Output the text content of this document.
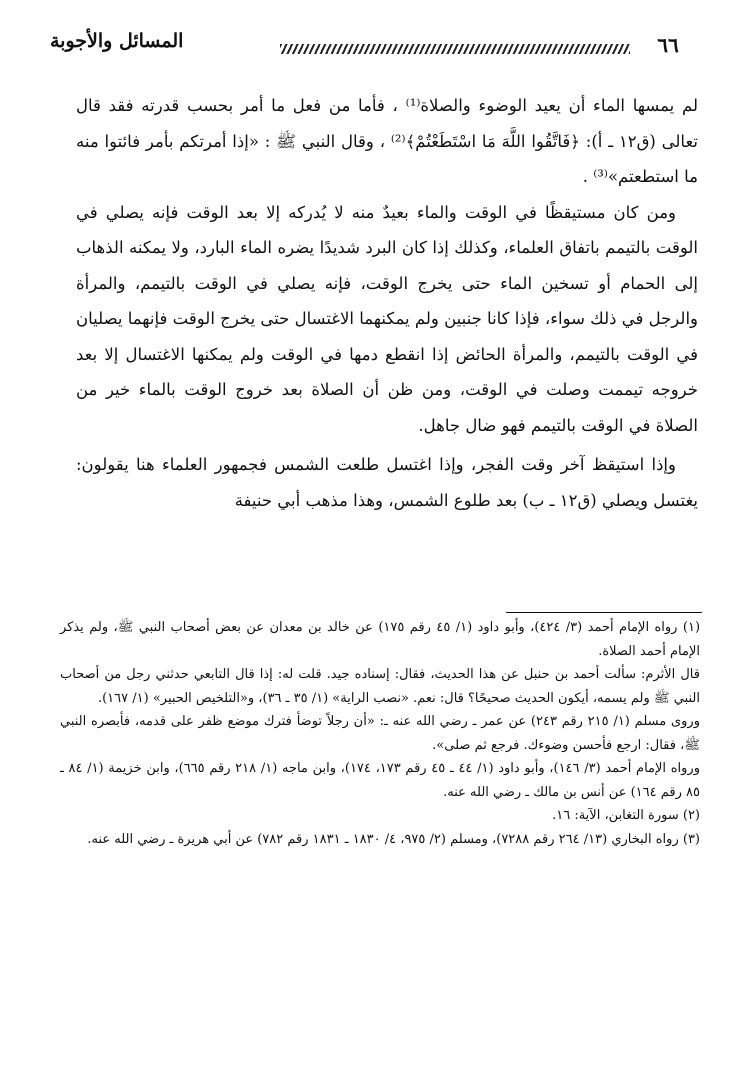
المسائل والأجوبة	٦٦

لم يمسها الماء أن يعيد الوضوء والصلاة⁽¹⁾ ، فأما من فعل ما أمر بحسب قدرته فقد قال تعالى (ق١٢ ـ أ): ﴿فَاتَّقُوا اللَّهَ مَا اسْتَطَعْتُمْ﴾⁽²⁾ ، وقال النبي ﷺ : «إذا أمرتكم بأمر فائتوا منه ما استطعتم»⁽³⁾ .

ومن كان مستيقظًا في الوقت والماء بعيدٌ منه لا يُدركه إلا بعد الوقت فإنه يصلي في الوقت بالتيمم باتفاق العلماء، وكذلك إذا كان البرد شديدًا يضره الماء البارد، ولا يمكنه الذهاب إلى الحمام أو تسخين الماء حتى يخرج الوقت، فإنه يصلي في الوقت بالتيمم، والمرأة والرجل في ذلك سواء، فإذا كانا جنبين ولم يمكنهما الاغتسال حتى يخرج الوقت فإنهما يصليان في الوقت بالتيمم، والمرأة الحائض إذا انقطع دمها في الوقت ولم يمكنها الاغتسال إلا بعد خروجه تيممت وصلت في الوقت، ومن ظن أن الصلاة بعد خروج الوقت بالماء خير من الصلاة في الوقت بالتيمم فهو ضال جاهل.

وإذا استيقظ آخر وقت الفجر، وإذا اغتسل طلعت الشمس فجمهور العلماء هنا يقولون: يغتسل ويصلي (ق١٢ ـ ب) بعد طلوع الشمس، وهذا مذهب أبي حنيفة

(١) رواه الإمام أحمد (٣/ ٤٢٤)، وأبو داود (١/ ٤٥ رقم ١٧٥) عن خالد بن معدان عن بعض أصحاب النبي ﷺ، ولم يذكر الإمام أحمد الصلاة.

قال الأثرم: سألت أحمد بن حنبل عن هذا الحديث، فقال: إسناده جيد. قلت له: إذا قال التابعي حدثني رجل من أصحاب النبي ﷺ ولم يسمه، أيكون الحديث صحيحًا؟ قال: نعم. «نصب الراية» (١/ ٣٥ ـ ٣٦)، و«التلخيص الحبير» (١/ ١٦٧).

وروى مسلم (١/ ٢١٥ رقم ٢٤٣) عن عمر ـ رضي الله عنه ـ: «أن رجلاً توضأ فترك موضع ظفر على قدمه، فأبصره النبي ﷺ، فقال: ارجع فأحسن وضوءك. فرجع ثم صلى».

ورواه الإمام أحمد (٣/ ١٤٦)، وأبو داود (١/ ٤٤ ـ ٤٥ رقم ١٧٣، ١٧٤)، وابن ماجه (١/ ٢١٨ رقم ٦٦٥)، وابن خزيمة (١/ ٨٤ ـ ٨٥ رقم ١٦٤) عن أنس بن مالك ـ رضي الله عنه.

(٢) سورة التغابن، الآية: ١٦.

(٣) رواه البخاري (١٣/ ٢٦٤ رقم ٧٢٨٨)، ومسلم (٢/ ٩٧٥، ٤/ ١٨٣٠ ـ ١٨٣١ رقم ٧٨٢) عن أبي هريرة ـ رضي الله عنه.
